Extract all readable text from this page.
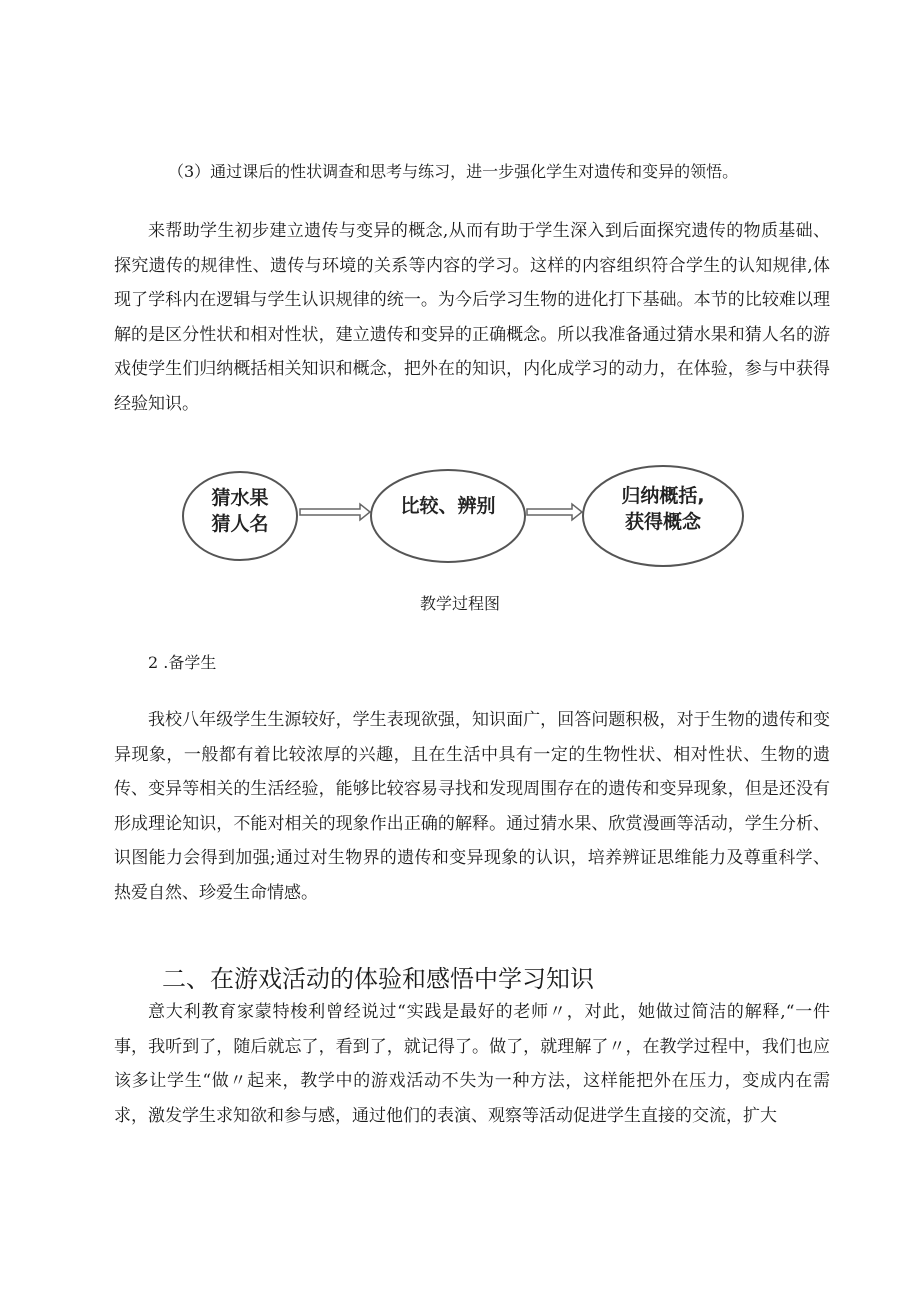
（3）通过课后的性状调查和思考与练习，进一步强化学生对遗传和变异的领悟。

来帮助学生初步建立遗传与变异的概念,从而有助于学生深入到后面探究遗传的物质基础、探究遗传的规律性、遗传与环境的关系等内容的学习。这样的内容组织符合学生的认知规律,体现了学科内在逻辑与学生认识规律的统一。为今后学习生物的进化打下基础。本节的比较难以理解的是区分性状和相对性状，建立遗传和变异的正确概念。所以我准备通过猜水果和猜人名的游戏使学生们归纳概括相关知识和概念，把外在的知识，内化成学习的动力，在体验，参与中获得经验知识。

猜水果
猜人名
比较、辨别	归纳概括,
获得概念
教学过程图
2 .备学生

我校八年级学生生源较好，学生表现欲强，知识面广，回答问题积极，对于生物的遗传和变异现象，一般都有着比较浓厚的兴趣，且在生活中具有一定的生物性状、相对性状、生物的遗传、变异等相关的生活经验，能够比较容易寻找和发现周围存在的遗传和变异现象，但是还没有形成理论知识，不能对相关的现象作出正确的解释。通过猜水果、欣赏漫画等活动，学生分析、识图能力会得到加强;通过对生物界的遗传和变异现象的认识，培养辨证思维能力及尊重科学、热爱自然、珍爱生命情感。

二、在游戏活动的体验和感悟中学习知识

意大利教育家蒙特梭利曾经说过“实践是最好的老师〃，对此，她做过简洁的解释,“一件事，我听到了，随后就忘了，看到了，就记得了。做了，就理解了〃，在教学过程中，我们也应该多让学生“做〃起来，教学中的游戏活动不失为一种方法，这样能把外在压力，变成内在需求，激发学生求知欲和参与感，通过他们的表演、观察等活动促进学生直接的交流，扩大
